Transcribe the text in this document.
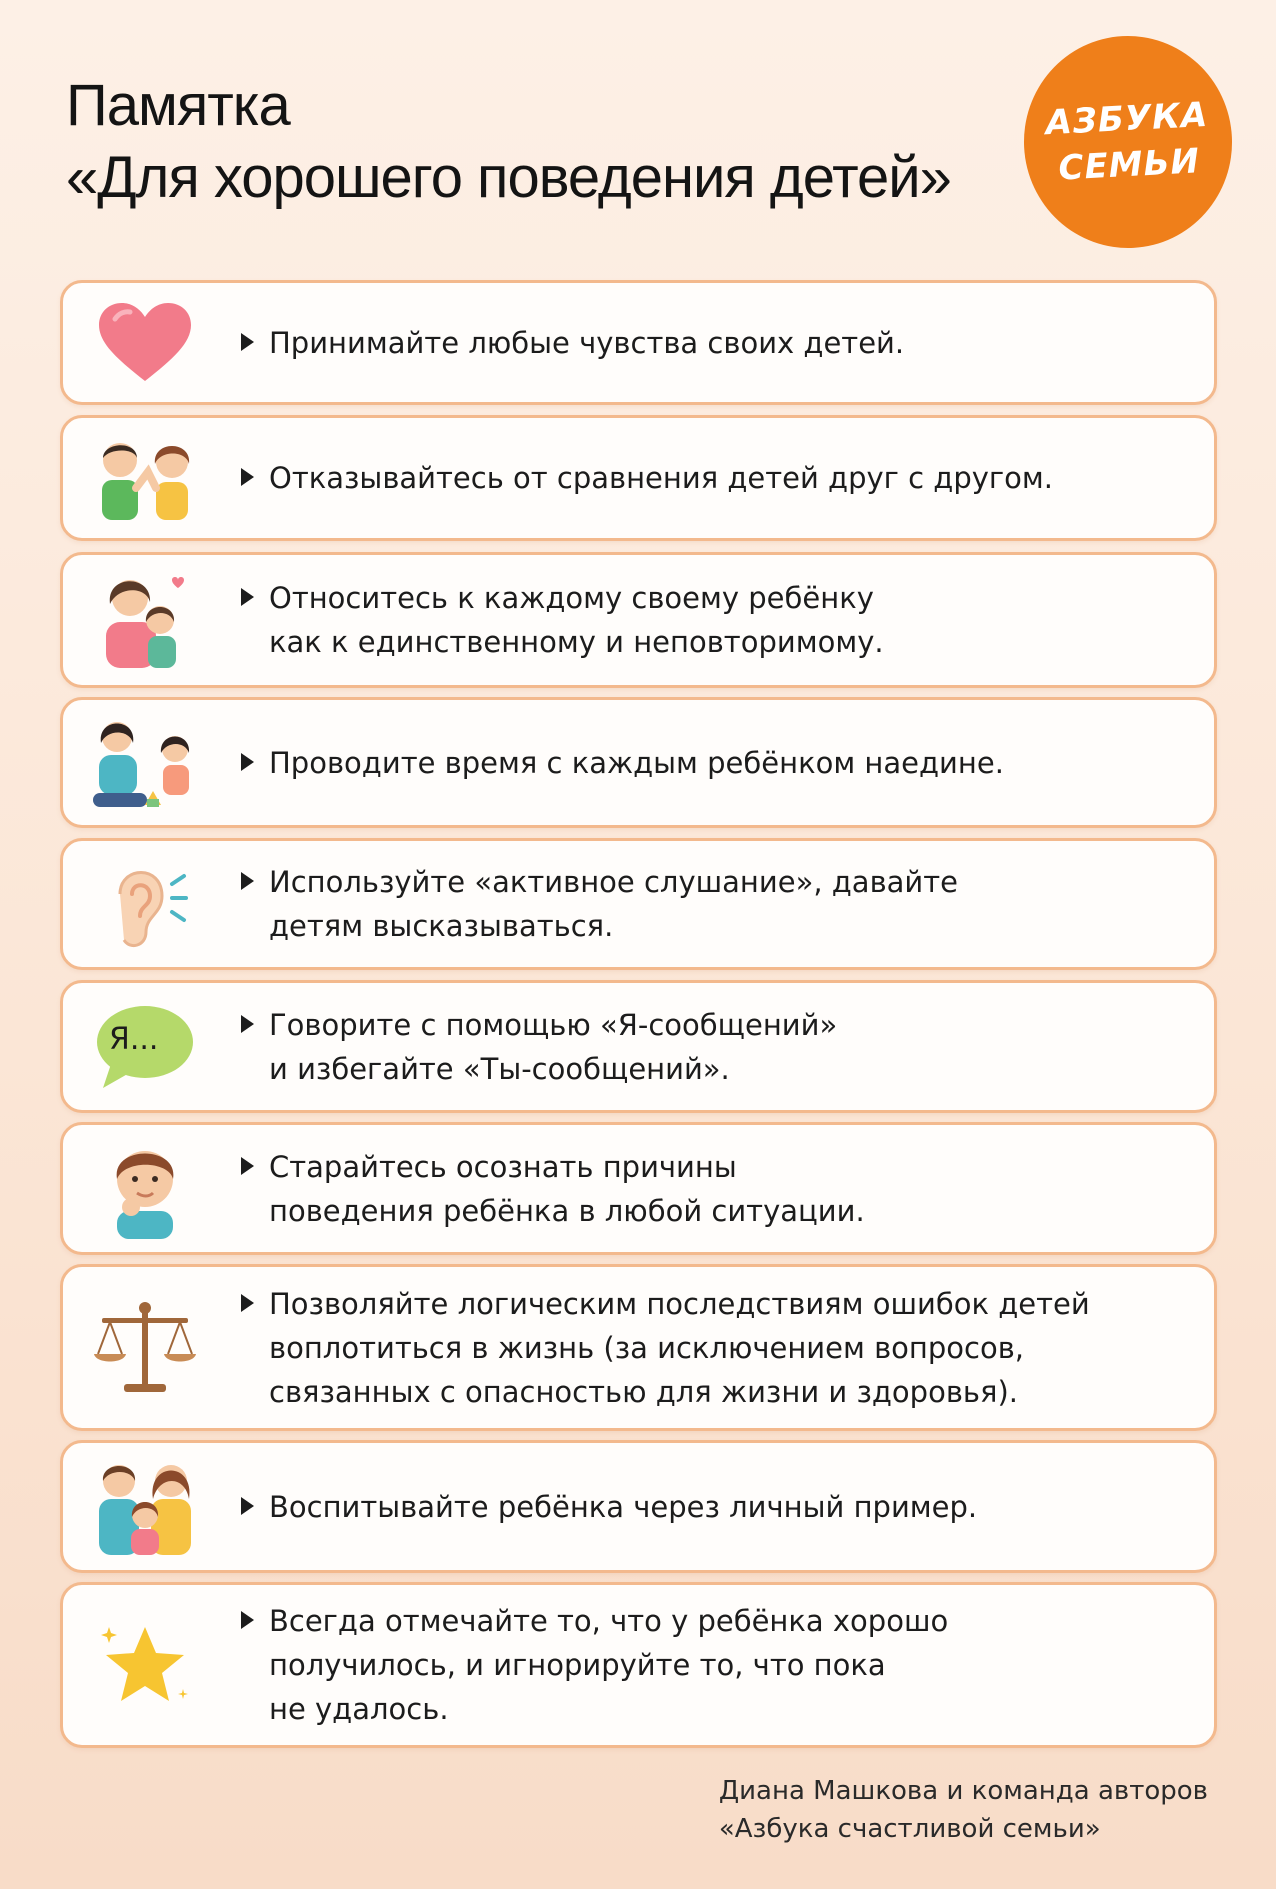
Памятка
«Для хорошего поведения детей»
АЗБУКА
СЕМЬИ
Принимайте любые чувства своих детей.
Отказывайтесь от сравнения детей друг с другом.
Относитесь к каждому своему ребёнку
как к единственному и неповторимому.
Проводите время с каждым ребёнком наедине.
Используйте «активное слушание», давайте
детям высказываться.
Я...	Говорите с помощью «Я-сообщений»
и избегайте «Ты-сообщений».
Старайтесь осознать причины
поведения ребёнка в любой ситуации.
Позволяйте логическим последствиям ошибок детей
воплотиться в жизнь (за исключением вопросов,
связанных с опасностью для жизни и здоровья).
Воспитывайте ребёнка через личный пример.
Всегда отмечайте то, что у ребёнка хорошо
получилось, и игнорируйте то, что пока
не удалось.
Диана Машкова и команда авторов
«Азбука счастливой семьи»
